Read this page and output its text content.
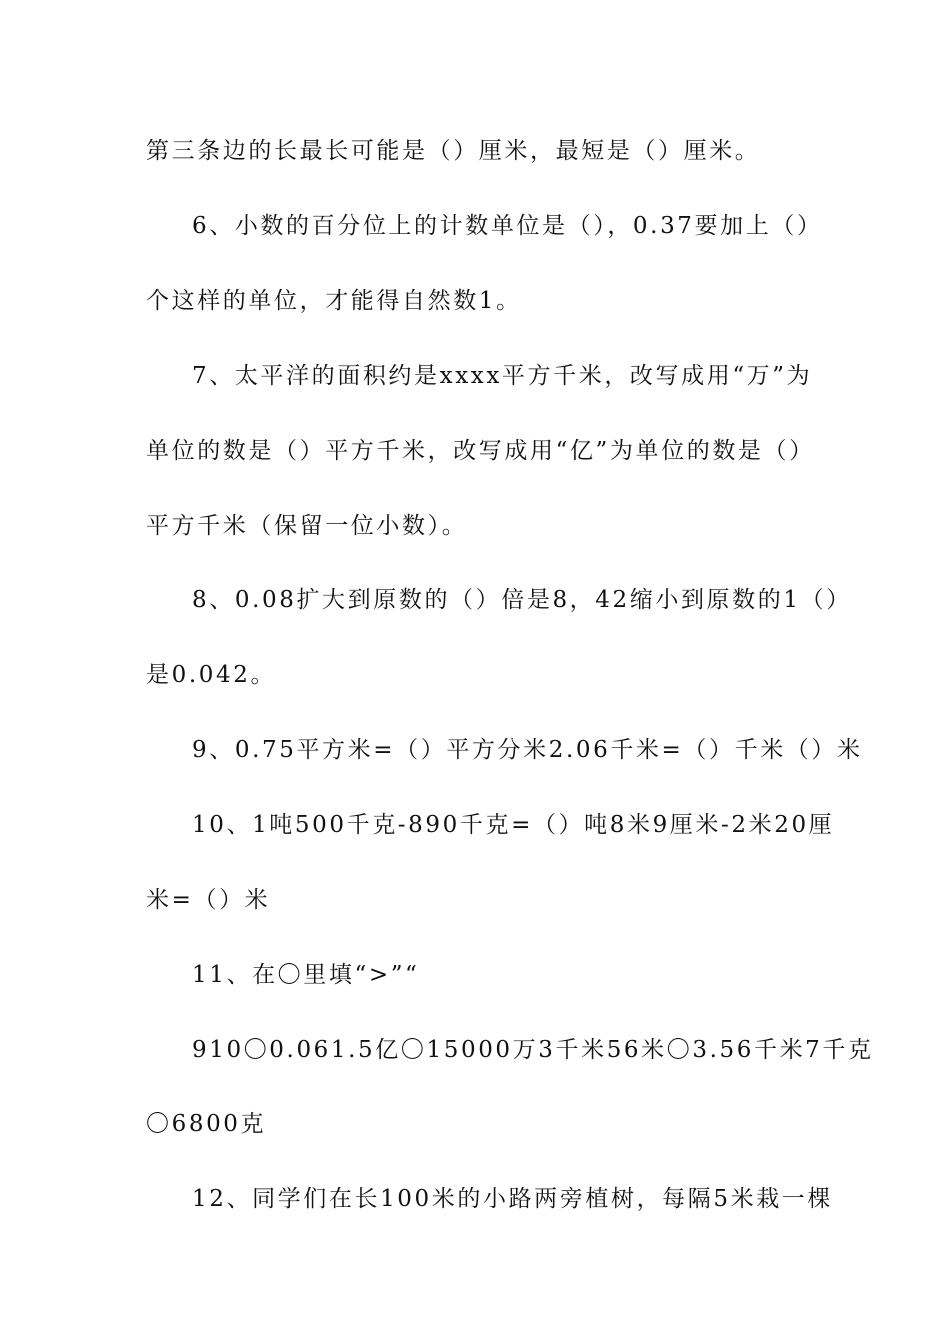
第三条边的长最长可能是（）厘米，最短是（）厘米。
6、小数的百分位上的计数单位是（），0.37要加上（）
个这样的单位，才能得自然数1。
7、太平洋的面积约是xxxx平方千米，改写成用“万”为
单位的数是（）平方千米，改写成用“亿”为单位的数是（）
平方千米（保留一位小数）。
8、0.08扩大到原数的（）倍是8，42缩小到原数的1（）
是0.042。
9、0.75平方米=（）平方分米2.06千米=（）千米（）米
10、1吨500千克-890千克=（）吨8米9厘米-2米20厘
米=（）米
11、在〇里填“>”“
910〇0.061.5亿〇15000万3千米56米〇3.56千米7千克
〇6800克
12、同学们在长100米的小路两旁植树，每隔5米栽一棵
